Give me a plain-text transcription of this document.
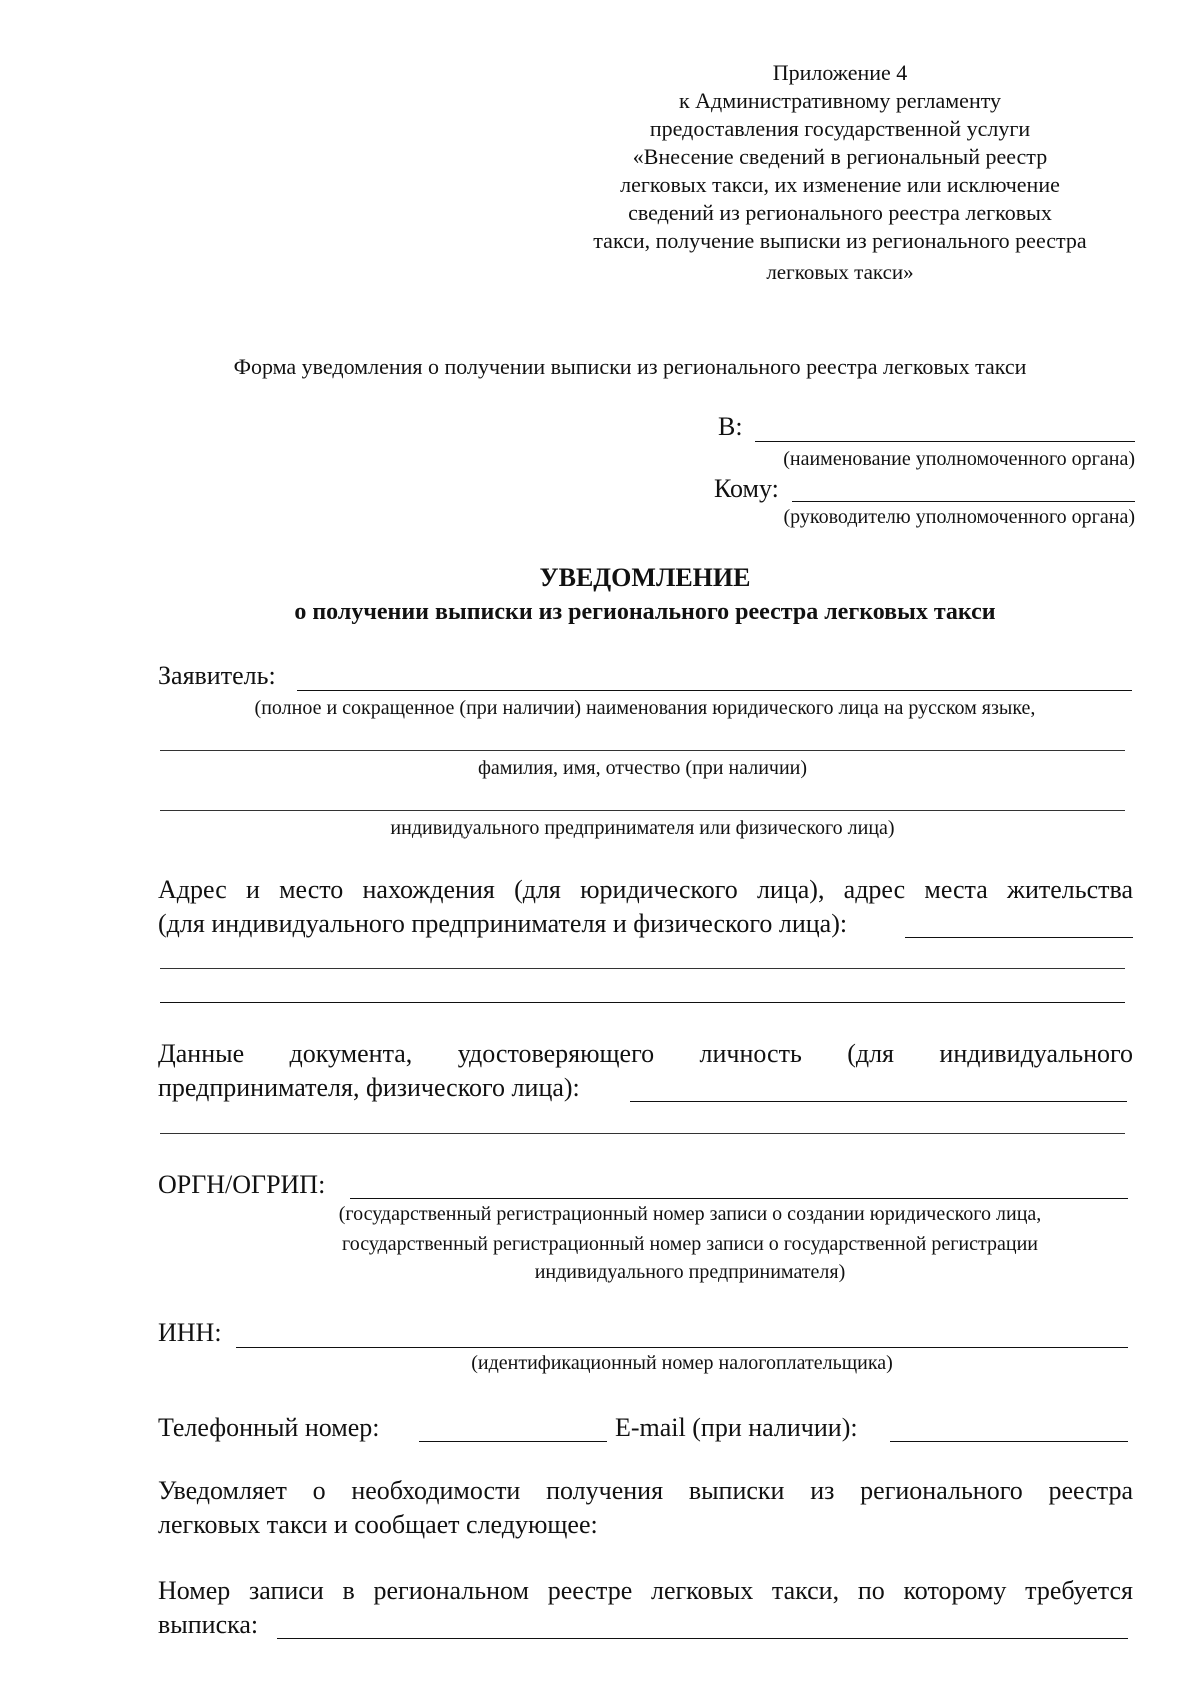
Приложение 4
к Административному регламенту
предоставления государственной услуги
«Внесение сведений в региональный реестр
легковых такси, их изменение или исключение
сведений из регионального реестра легковых
такси, получение выписки из регионального реестра
легковых такси»
Форма уведомления о получении выписки из регионального реестра легковых такси
В:
(наименование уполномоченного органа)
Кому:
(руководителю уполномоченного органа)
УВЕДОМЛЕНИЕ
о получении выписки из регионального реестра легковых такси
Заявитель:
(полное и сокращенное (при наличии) наименования юридического лица на русском языке,
фамилия, имя, отчество (при наличии)
индивидуального предпринимателя или физического лица)
Адрес и место нахождения (для юридического лица), адрес места жительства
(для индивидуального предпринимателя и физического лица):
Данные документа, удостоверяющего личность (для индивидуального
предпринимателя, физического лица):
ОРГН/ОГРИП:
(государственный регистрационный номер записи о создании юридического лица,
государственный регистрационный номер записи о государственной регистрации
индивидуального предпринимателя)
ИНН:
(идентификационный номер налогоплательщика)
Телефонный номер:	E-mail (при наличии):
Уведомляет о необходимости получения выписки из регионального реестра
легковых такси и сообщает следующее:
Номер записи в региональном реестре легковых такси, по которому требуется
выписка:
